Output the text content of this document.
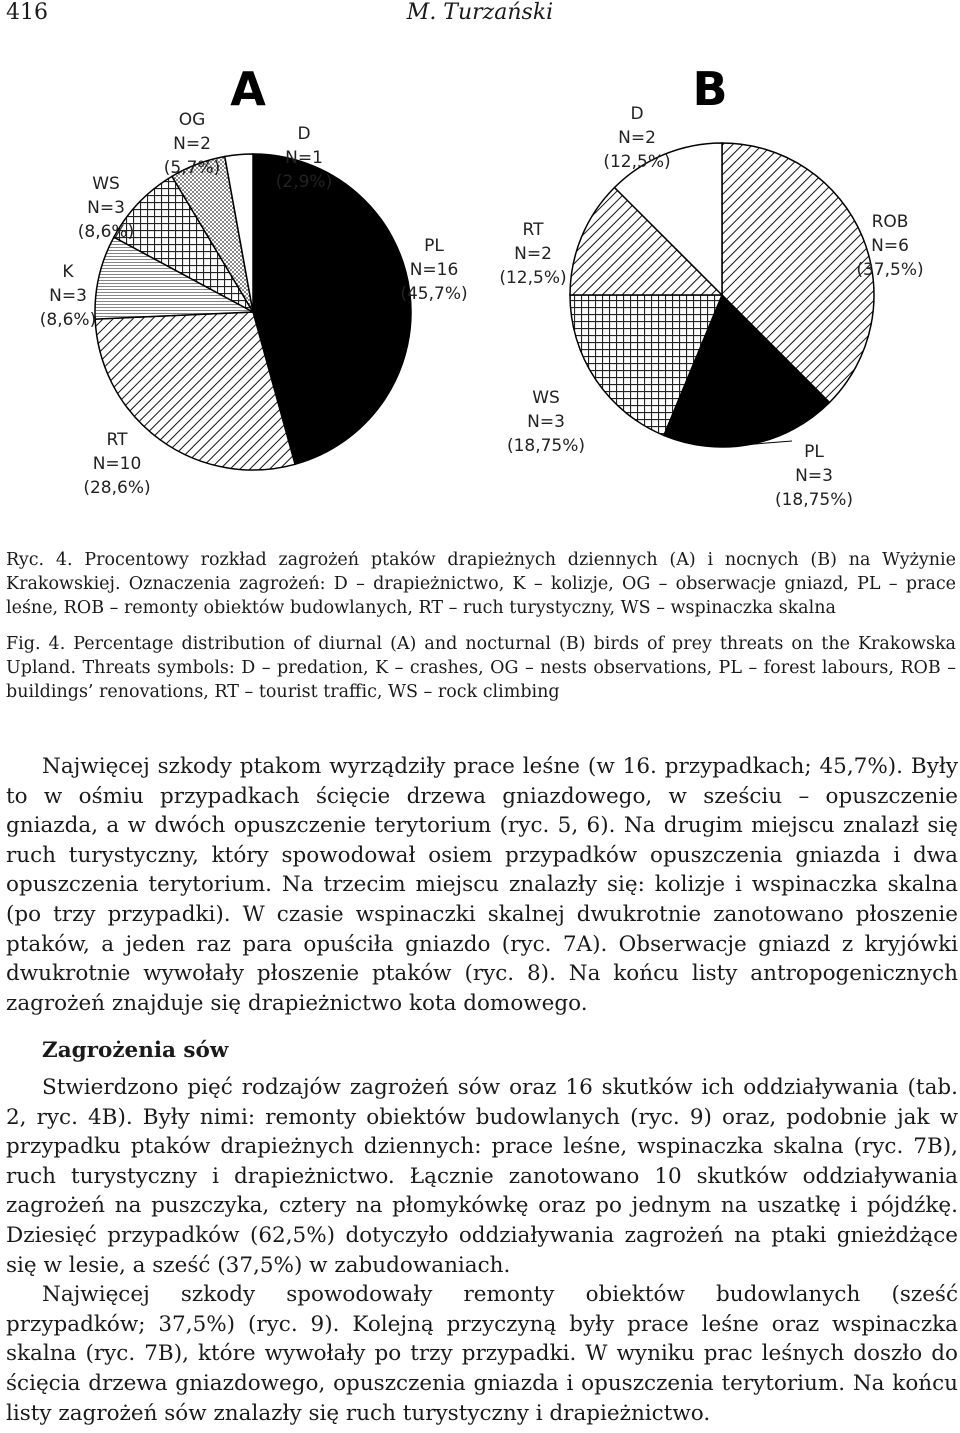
416	M. Turzański
A	B
OG
N=2
(5,7%)
D
N=1
(2,9%)
WS
N=3
(8,6%)
K
N=3
(8,6%)
RT
N=10
(28,6%)
PL
N=16
(45,7%)
D
N=2
(12,5%)
RT
N=2
(12,5%)
ROB
N=6
(37,5%)
WS
N=3
(18,75%)	PL
N=3
(18,75%)

Ryc. 4. Procentowy rozkład zagrożeń ptaków drapieżnych dziennych (A) i nocnych (B) na Wyżynie Krakowskiej. Oznaczenia zagrożeń: D – drapieżnictwo, K – kolizje, OG – obserwacje gniazd, PL – prace leśne, ROB – remonty obiektów budowlanych, RT – ruch turystyczny, WS – wspinaczka skalna

Fig. 4. Percentage distribution of diurnal (A) and nocturnal (B) birds of prey threats on the Krakowska Upland. Threats symbols: D – predation, K – crashes, OG – nests observations, PL – forest labours, ROB – buildings’ renovations, RT – tourist traffic, WS – rock climbing

Najwięcej szkody ptakom wyrządziły prace leśne (w 16. przypadkach; 45,7%). Były to w ośmiu przypadkach ścięcie drzewa gniazdowego, w sześciu – opuszczenie gniazda, a w dwóch opuszczenie terytorium (ryc. 5, 6). Na drugim miejscu znalazł się ruch turystyczny, który spowodował osiem przypadków opuszczenia gniazda i dwa opuszczenia terytorium. Na trzecim miejscu znalazły się: kolizje i wspinaczka skalna (po trzy przypadki). W czasie wspinaczki skalnej dwukrotnie zanotowano płoszenie ptaków, a jeden raz para opuściła gniazdo (ryc. 7A). Obserwacje gniazd z kryjówki dwukrotnie wywołały płoszenie ptaków (ryc. 8). Na końcu listy antropogenicznych zagrożeń znajduje się drapieżnictwo kota domowego.

Zagrożenia sów

Stwierdzono pięć rodzajów zagrożeń sów oraz 16 skutków ich oddziaływania (tab. 2, ryc. 4B). Były nimi: remonty obiektów budowlanych (ryc. 9) oraz, podobnie jak w przypadku ptaków drapieżnych dziennych: prace leśne, wspinaczka skalna (ryc. 7B), ruch turystyczny i drapieżnictwo. Łącznie zanotowano 10 skutków oddziaływania zagrożeń na puszczyka, cztery na płomykówkę oraz po jednym na uszatkę i pójdźkę. Dziesięć przypadków (62,5%) dotyczyło oddziaływania zagrożeń na ptaki gnieżdżące się w lesie, a sześć (37,5%) w zabudowaniach.

Najwięcej szkody spowodowały remonty obiektów budowlanych (sześć przypadków; 37,5%) (ryc. 9). Kolejną przyczyną były prace leśne oraz wspinaczka skalna (ryc. 7B), które wywołały po trzy przypadki. W wyniku prac leśnych doszło do ścięcia drzewa gniazdowego, opuszczenia gniazda i opuszczenia terytorium. Na końcu listy zagrożeń sów znalazły się ruch turystyczny i drapieżnictwo.
